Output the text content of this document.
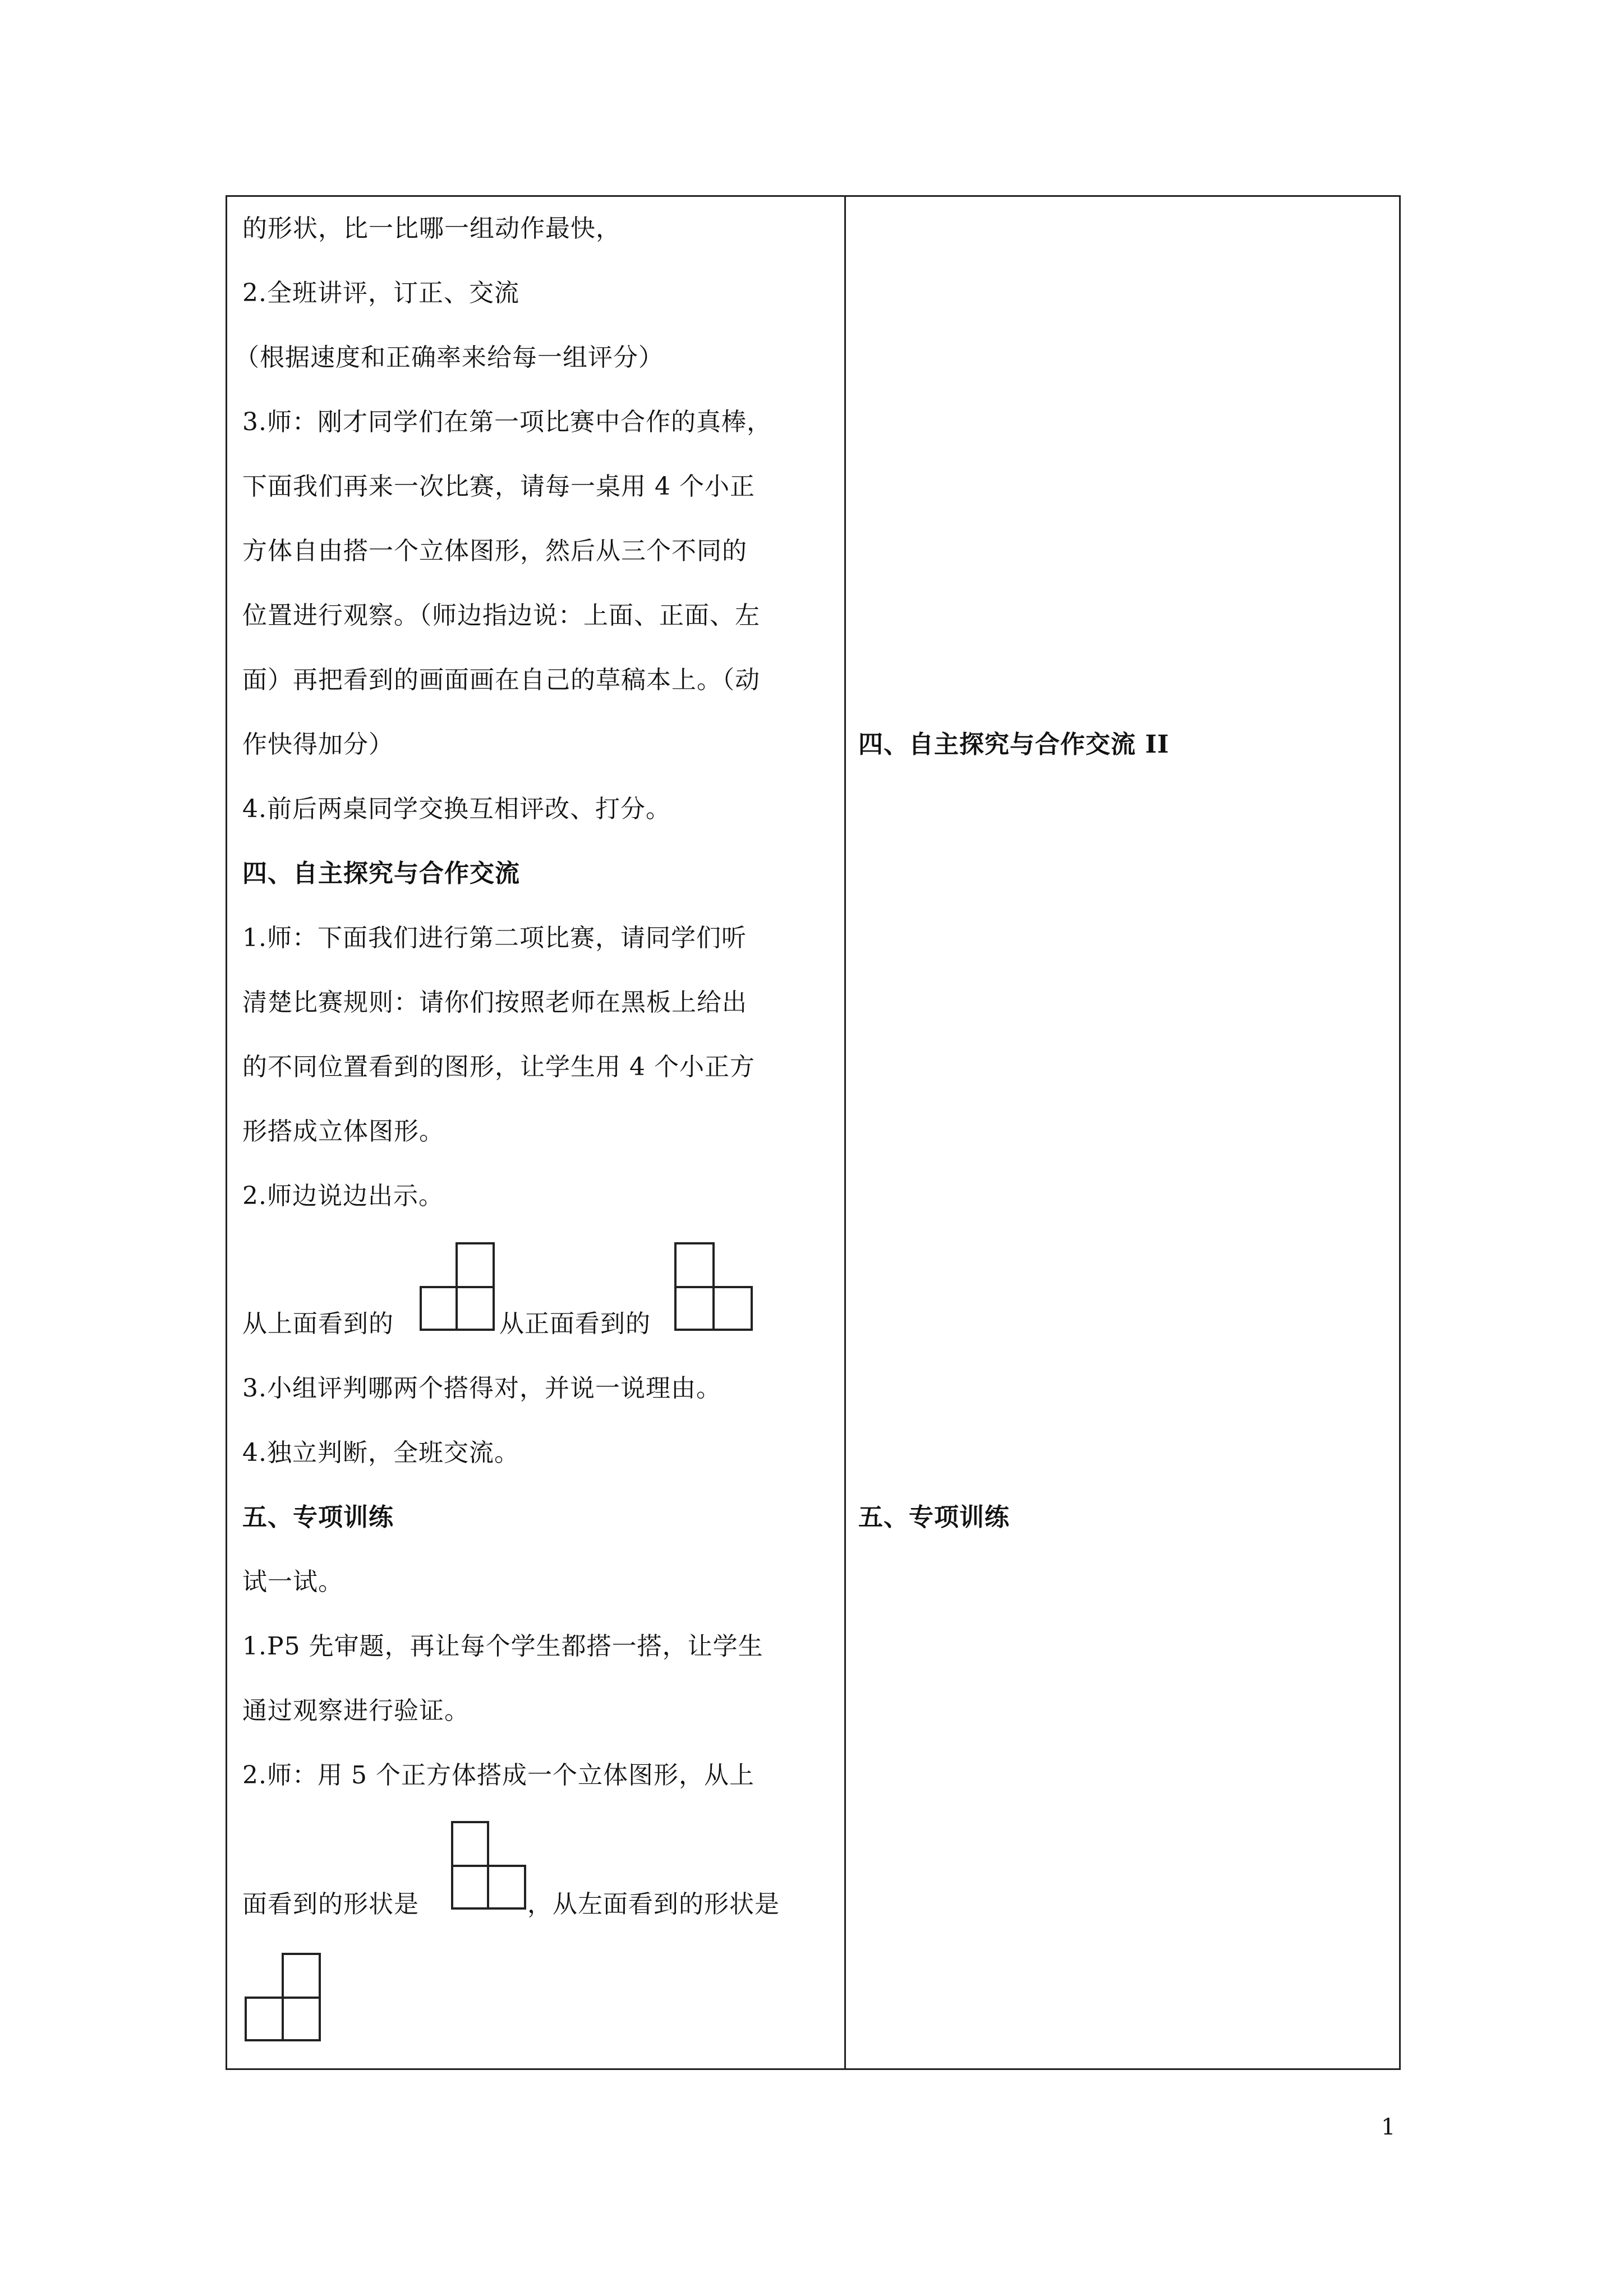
的形状，比一比哪一组动作最快，
2.全班讲评，订正、交流
（根据速度和正确率来给每一组评分）
3.师：刚才同学们在第一项比赛中合作的真棒，
下面我们再来一次比赛，请每一桌用 4 个小正
方体自由搭一个立体图形，然后从三个不同的
位置进行观察。（师边指边说：上面、正面、左
面）再把看到的画面画在自己的草稿本上。（动
作快得加分）
4.前后两桌同学交换互相评改、打分。
四、自主探究与合作交流
1.师：下面我们进行第二项比赛，请同学们听
清楚比赛规则：请你们按照老师在黑板上给出
的不同位置看到的图形，让学生用 4 个小正方
形搭成立体图形。
2.师边说边出示。
从上面看到的	从正面看到的
3.小组评判哪两个搭得对，并说一说理由。
4.独立判断，全班交流。
五、专项训练
试一试。
1.P5 先审题，再让每个学生都搭一搭，让学生
通过观察进行验证。
2.师：用 5 个正方体搭成一个立体图形，从上
面看到的形状是	，从左面看到的形状是
四、自主探究与合作交流 II
五、专项训练
1
